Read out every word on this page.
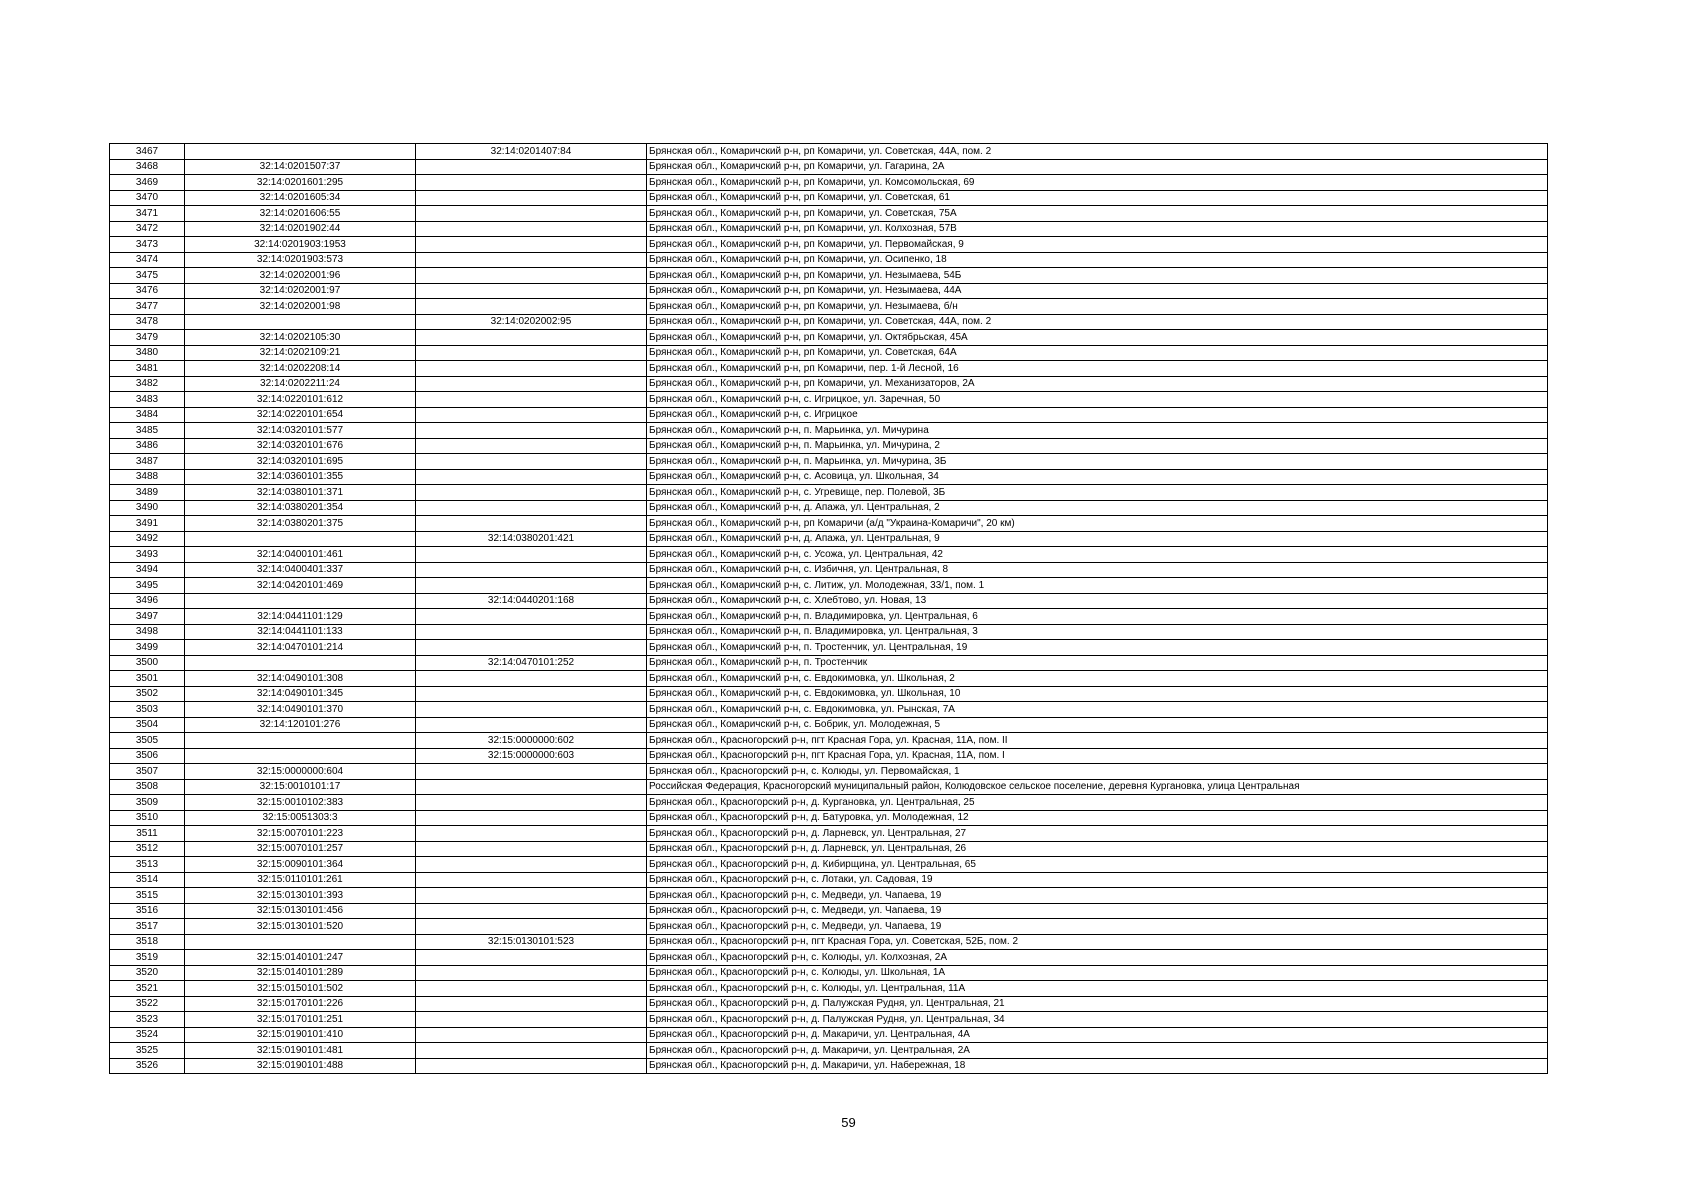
3467		32:14:0201407:84	Брянская обл., Комаричский р-н, рп Комаричи, ул. Советская, 44А, пом. 2
3468	32:14:0201507:37		Брянская обл., Комаричский р-н, рп Комаричи, ул. Гагарина, 2А
3469	32:14:0201601:295		Брянская обл., Комаричский р-н, рп Комаричи, ул. Комсомольская, 69
3470	32:14:0201605:34		Брянская обл., Комаричский р-н, рп Комаричи, ул. Советская, 61
3471	32:14:0201606:55		Брянская обл., Комаричский р-н, рп Комаричи, ул. Советская, 75А
3472	32:14:0201902:44		Брянская обл., Комаричский р-н, рп Комаричи, ул. Колхозная, 57В
3473	32:14:0201903:1953		Брянская обл., Комаричский р-н, рп Комаричи, ул. Первомайская, 9
3474	32:14:0201903:573		Брянская обл., Комаричский р-н, рп Комаричи, ул. Осипенко, 18
3475	32:14:0202001:96		Брянская обл., Комаричский р-н, рп Комаричи, ул. Незымаева, 54Б
3476	32:14:0202001:97		Брянская обл., Комаричский р-н, рп Комаричи, ул. Незымаева, 44А
3477	32:14:0202001:98		Брянская обл., Комаричский р-н, рп Комаричи, ул. Незымаева, б/н
3478		32:14:0202002:95	Брянская обл., Комаричский р-н, рп Комаричи, ул. Советская, 44А, пом. 2
3479	32:14:0202105:30		Брянская обл., Комаричский р-н, рп Комаричи, ул. Октябрьская, 45А
3480	32:14:0202109:21		Брянская обл., Комаричский р-н, рп Комаричи, ул. Советская, 64А
3481	32:14:0202208:14		Брянская обл., Комаричский р-н, рп Комаричи, пер. 1-й Лесной, 16
3482	32:14:0202211:24		Брянская обл., Комаричский р-н, рп Комаричи, ул. Механизаторов, 2А
3483	32:14:0220101:612		Брянская обл., Комаричский р-н, с. Игрицкое, ул. Заречная, 50
3484	32:14:0220101:654		Брянская обл., Комаричский р-н, с. Игрицкое
3485	32:14:0320101:577		Брянская обл., Комаричский р-н, п. Марьинка, ул. Мичурина
3486	32:14:0320101:676		Брянская обл., Комаричский р-н, п. Марьинка, ул. Мичурина, 2
3487	32:14:0320101:695		Брянская обл., Комаричский р-н, п. Марьинка, ул. Мичурина, 3Б
3488	32:14:0360101:355		Брянская обл., Комаричский р-н, с. Асовица, ул. Школьная, 34
3489	32:14:0380101:371		Брянская обл., Комаричский р-н, с. Угревище, пер. Полевой, 3Б
3490	32:14:0380201:354		Брянская обл., Комаричский р-н, д. Апажа, ул. Центральная, 2
3491	32:14:0380201:375		Брянская обл., Комаричский р-н, рп Комаричи (а/д "Украина-Комаричи", 20 км)
3492		32:14:0380201:421	Брянская обл., Комаричский р-н, д. Апажа, ул. Центральная, 9
3493	32:14:0400101:461		Брянская обл., Комаричский р-н, с. Усожа, ул. Центральная, 42
3494	32:14:0400401:337		Брянская обл., Комаричский р-н, с. Избичня, ул. Центральная, 8
3495	32:14:0420101:469		Брянская обл., Комаричский р-н, с. Литиж, ул. Молодежная, 33/1, пом. 1
3496		32:14:0440201:168	Брянская обл., Комаричский р-н, с. Хлебтово, ул. Новая, 13
3497	32:14:0441101:129		Брянская обл., Комаричский р-н, п. Владимировка, ул. Центральная, 6
3498	32:14:0441101:133		Брянская обл., Комаричский р-н, п. Владимировка, ул. Центральная, 3
3499	32:14:0470101:214		Брянская обл., Комаричский р-н, п. Тростенчик, ул. Центральная, 19
3500		32:14:0470101:252	Брянская обл., Комаричский р-н, п. Тростенчик
3501	32:14:0490101:308		Брянская обл., Комаричский р-н, с. Евдокимовка, ул. Школьная, 2
3502	32:14:0490101:345		Брянская обл., Комаричский р-н, с. Евдокимовка, ул. Школьная, 10
3503	32:14:0490101:370		Брянская обл., Комаричский р-н, с. Евдокимовка, ул. Рынская, 7А
3504	32:14:120101:276		Брянская обл., Комаричский р-н, с. Бобрик, ул. Молодежная, 5
3505		32:15:0000000:602	Брянская обл., Красногорский р-н, пгт Красная Гора, ул. Красная, 11А, пом. II
3506		32:15:0000000:603	Брянская обл., Красногорский р-н, пгт Красная Гора, ул. Красная, 11А, пом. I
3507	32:15:0000000:604		Брянская обл., Красногорский р-н, с. Колюды, ул. Первомайская, 1
3508	32:15:0010101:17		Российская Федерация, Красногорский муниципальный район, Колюдовское сельское поселение, деревня Кургановка, улица Центральная
3509	32:15:0010102:383		Брянская обл., Красногорский р-н, д. Кургановка, ул. Центральная, 25
3510	32:15:0051303:3		Брянская обл., Красногорский р-н, д. Батуровка, ул. Молодежная, 12
3511	32:15:0070101:223		Брянская обл., Красногорский р-н, д. Ларневск, ул. Центральная, 27
3512	32:15:0070101:257		Брянская обл., Красногорский р-н, д. Ларневск, ул. Центральная, 26
3513	32:15:0090101:364		Брянская обл., Красногорский р-н, д. Кибирщина, ул. Центральная, 65
3514	32:15:0110101:261		Брянская обл., Красногорский р-н, с. Лотаки, ул. Садовая, 19
3515	32:15:0130101:393		Брянская обл., Красногорский р-н, с. Медведи, ул. Чапаева, 19
3516	32:15:0130101:456		Брянская обл., Красногорский р-н, с. Медведи, ул. Чапаева, 19
3517	32:15:0130101:520		Брянская обл., Красногорский р-н, с. Медведи, ул. Чапаева, 19
3518		32:15:0130101:523	Брянская обл., Красногорский р-н, пгт Красная Гора, ул. Советская, 52Б, пом. 2
3519	32:15:0140101:247		Брянская обл., Красногорский р-н, с. Колюды, ул. Колхозная, 2А
3520	32:15:0140101:289		Брянская обл., Красногорский р-н, с. Колюды, ул. Школьная, 1А
3521	32:15:0150101:502		Брянская обл., Красногорский р-н, с. Колюды, ул. Центральная, 11А
3522	32:15:0170101:226		Брянская обл., Красногорский р-н, д. Палужская Рудня, ул. Центральная, 21
3523	32:15:0170101:251		Брянская обл., Красногорский р-н, д. Палужская Рудня, ул. Центральная, 34
3524	32:15:0190101:410		Брянская обл., Красногорский р-н, д. Макаричи, ул. Центральная, 4А
3525	32:15:0190101:481		Брянская обл., Красногорский р-н, д. Макаричи, ул. Центральная, 2А
3526	32:15:0190101:488		Брянская обл., Красногорский р-н, д. Макаричи, ул. Набережная, 18
59
